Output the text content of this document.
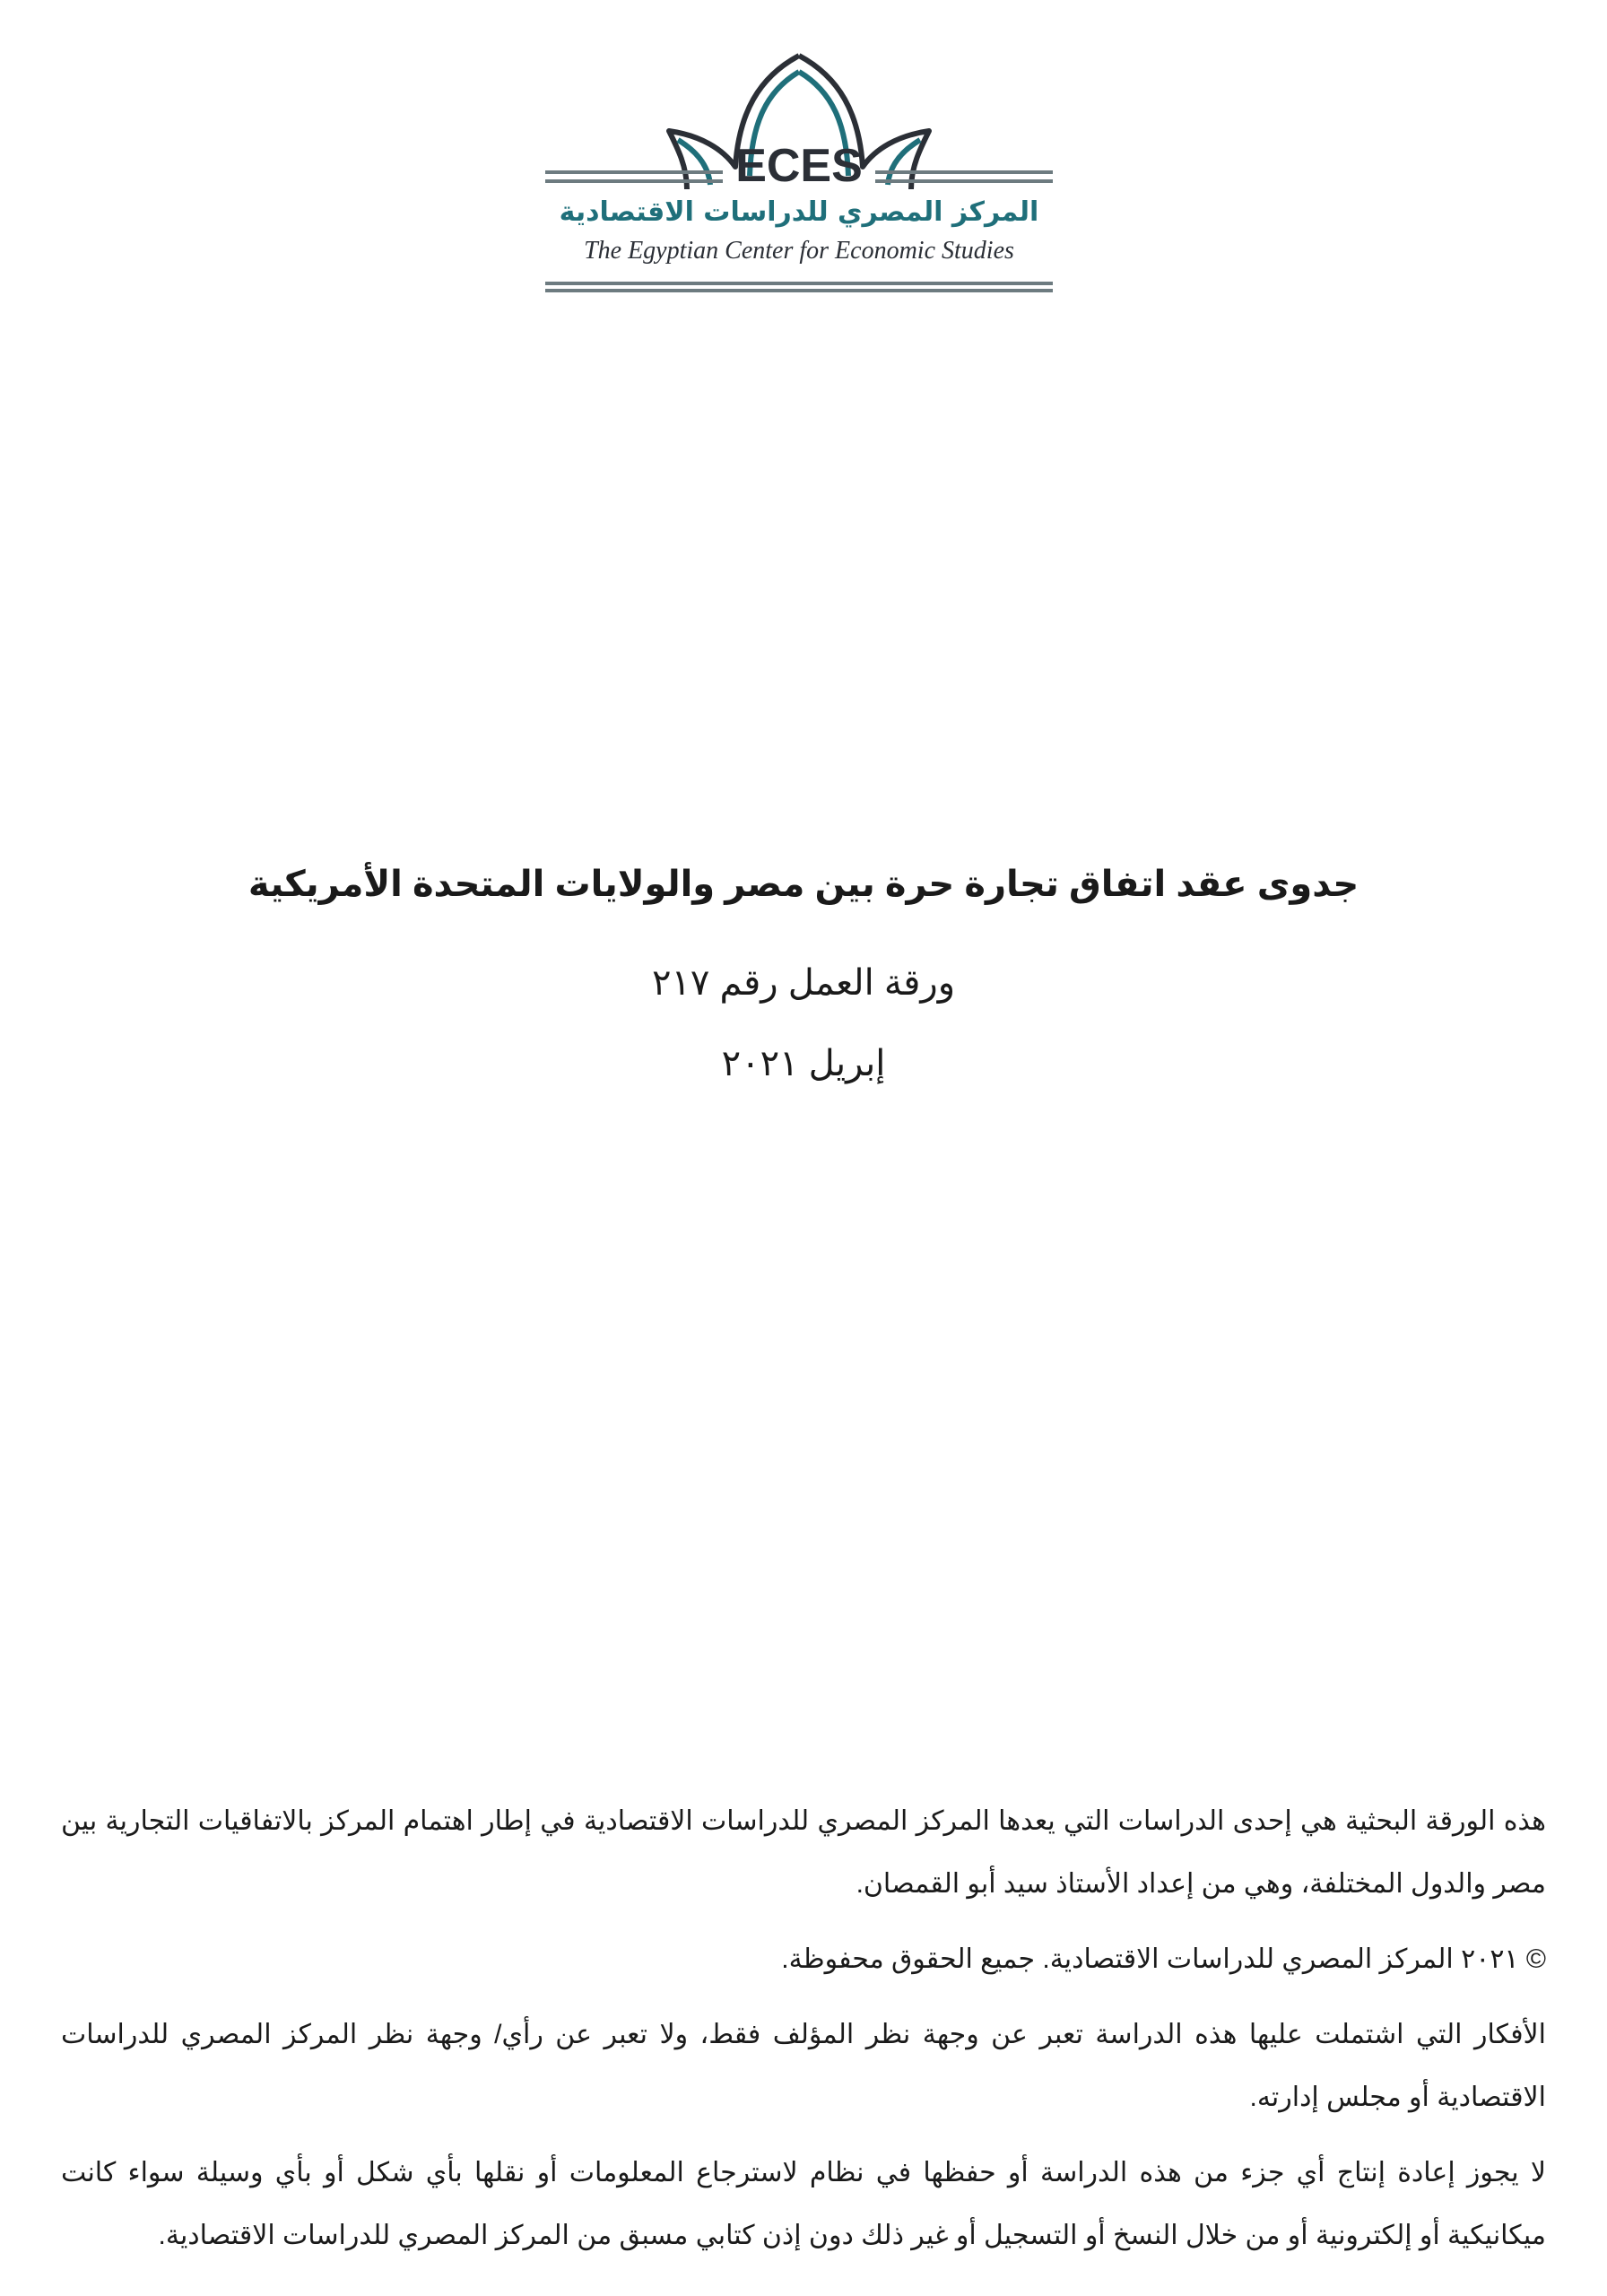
ECES
المركز المصري للدراسات الاقتصادية
The Egyptian Center for Economic Studies
جدوى عقد اتفاق تجارة حرة بين مصر والولايات المتحدة الأمريكية
ورقة العمل رقم ٢١٧
إبريل ٢٠٢١

هذه الورقة البحثية هي إحدى الدراسات التي يعدها المركز المصري للدراسات الاقتصادية في إطار اهتمام المركز بالاتفاقيات التجارية بين مصر والدول المختلفة، وهي من إعداد الأستاذ سيد أبو القمصان.

© ٢٠٢١ المركز المصري للدراسات الاقتصادية. جميع الحقوق محفوظة.

الأفكار التي اشتملت عليها هذه الدراسة تعبر عن وجهة نظر المؤلف فقط، ولا تعبر عن رأي/ وجهة نظر المركز المصري للدراسات الاقتصادية أو مجلس إدارته.

لا يجوز إعادة إنتاج أي جزء من هذه الدراسة أو حفظها في نظام لاسترجاع المعلومات أو نقلها بأي شكل أو بأي وسيلة سواء كانت ميكانيكية أو إلكترونية أو من خلال النسخ أو التسجيل أو غير ذلك دون إذن كتابي مسبق من المركز المصري للدراسات الاقتصادية.
